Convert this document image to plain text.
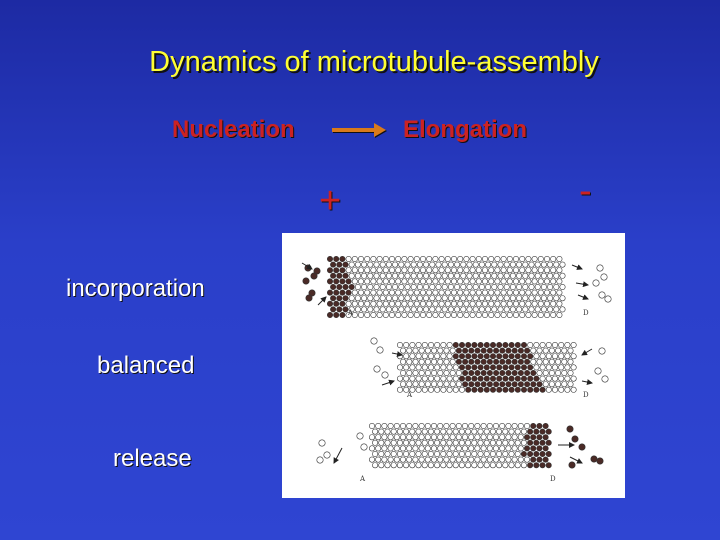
Dynamics of microtubule-assembly
Nucleation	Elongation
+	-
incorporation
balanced
release
A	D
A	D
A	D
